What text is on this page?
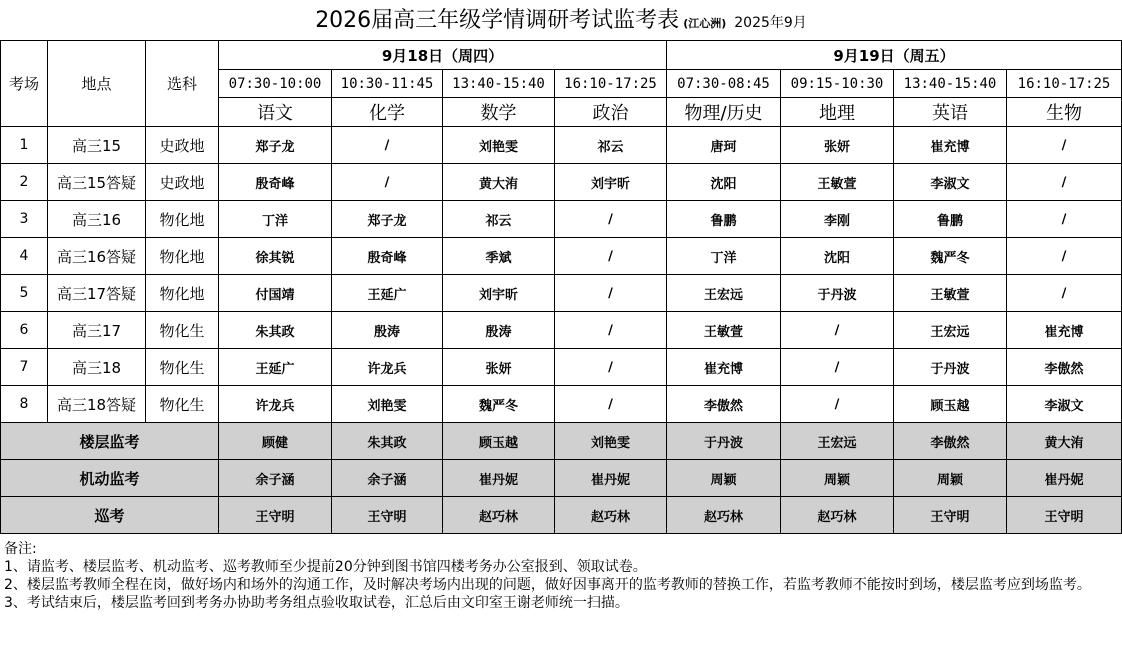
2026届高三年级学情调研考试监考表 (江心洲) 2025年9月
考场	地点	选科	9月18日（周四）				9月19日（周五）			
			07:30-10:00	10:30-11:45	13:40-15:40	16:10-17:25	07:30-08:45	09:15-10:30	13:40-15:40	16:10-17:25
			语文	化学	数学	政治	物理/历史	地理	英语	生物
1	高三15	史政地	郑子龙	/	刘艳雯	祁云	唐珂	张妍	崔充博	/
2	高三15答疑	史政地	殷奇峰	/	黄大洧	刘宇昕	沈阳	王敏萱	李淑文	/
3	高三16	物化地	丁洋	郑子龙	祁云	/	鲁鹏	李刚	鲁鹏	/
4	高三16答疑	物化地	徐其锐	殷奇峰	季斌	/	丁洋	沈阳	魏严冬	/
5	高三17答疑	物化地	付国靖	王延广	刘宇昕	/	王宏远	于丹波	王敏萱	/
6	高三17	物化生	朱其政	殷涛	殷涛	/	王敏萱	/	王宏远	崔充博
7	高三18	物化生	王延广	许龙兵	张妍	/	崔充博	/	于丹波	李傲然
8	高三18答疑	物化生	许龙兵	刘艳雯	魏严冬	/	李傲然	/	顾玉越	李淑文
楼层监考			顾健	朱其政	顾玉越	刘艳雯	于丹波	王宏远	李傲然	黄大洧
机动监考			余子涵	余子涵	崔丹妮	崔丹妮	周颖	周颖	周颖	崔丹妮
巡考			王守明	王守明	赵巧林	赵巧林	赵巧林	赵巧林	王守明	王守明
备注:
1、请监考、楼层监考、机动监考、巡考教师至少提前20分钟到图书馆四楼考务办公室报到、领取试卷。
2、楼层监考教师全程在岗，做好场内和场外的沟通工作，及时解决考场内出现的问题，做好因事离开的监考教师的替换工作，若监考教师不能按时到场，楼层监考应到场监考。
3、考试结束后，楼层监考回到考务办协助考务组点验收取试卷，汇总后由文印室王谢老师统一扫描。
